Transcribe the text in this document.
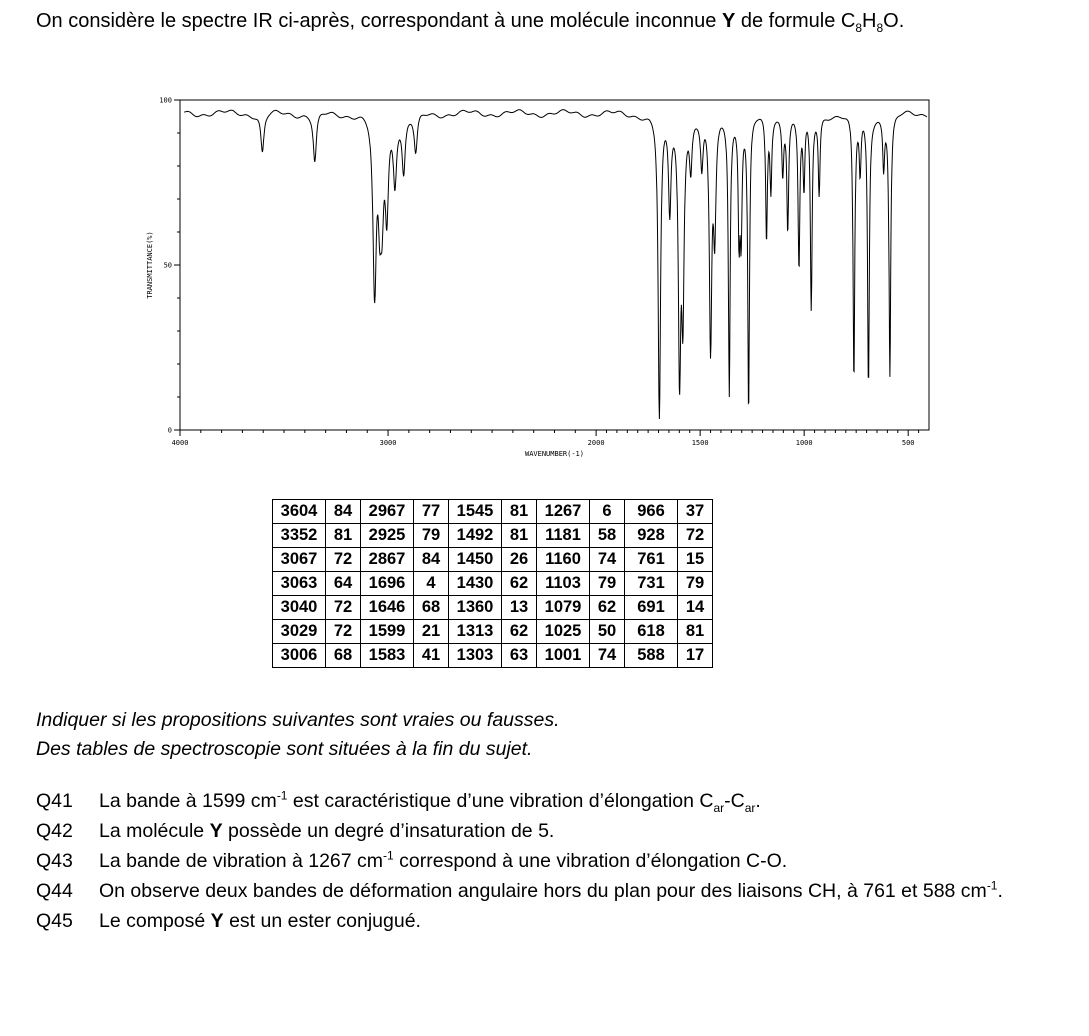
On considère le spectre IR ci-après, correspondant à une molécule inconnue Y de formule $C_8H_8O$.
100
50
0
4000	3000	2000	1500	1000	500
WAVENUMBER(-1)
TRANSMITTANCE(%)
3604	84	2967	77	1545	81	1267	6	966	37
3352	81	2925	79	1492	81	1181	58	928	72
3067	72	2867	84	1450	26	1160	74	761	15
3063	64	1696	4	1430	62	1103	79	731	79
3040	72	1646	68	1360	13	1079	62	691	14
3029	72	1599	21	1313	62	1025	50	618	81
3006	68	1583	41	1303	63	1001	74	588	17
Indiquer si les propositions suivantes sont vraies ou fausses.
Des tables de spectroscopie sont situées à la fin du sujet.
Q41	La bande à 1599 $cm^{-1}$ est caractéristique d’une vibration d’élongation $C_{ar}-C_{ar}$.
Q42	La molécule Y possède un degré d’insaturation de 5.
Q43	La bande de vibration à 1267 $cm^{-1}$ correspond à une vibration d’élongation C-O.
Q44	On observe deux bandes de déformation angulaire hors du plan pour des liaisons CH, à 761 et 588 $cm^{-1}$.
Q45	Le composé Y est un ester conjugué.
